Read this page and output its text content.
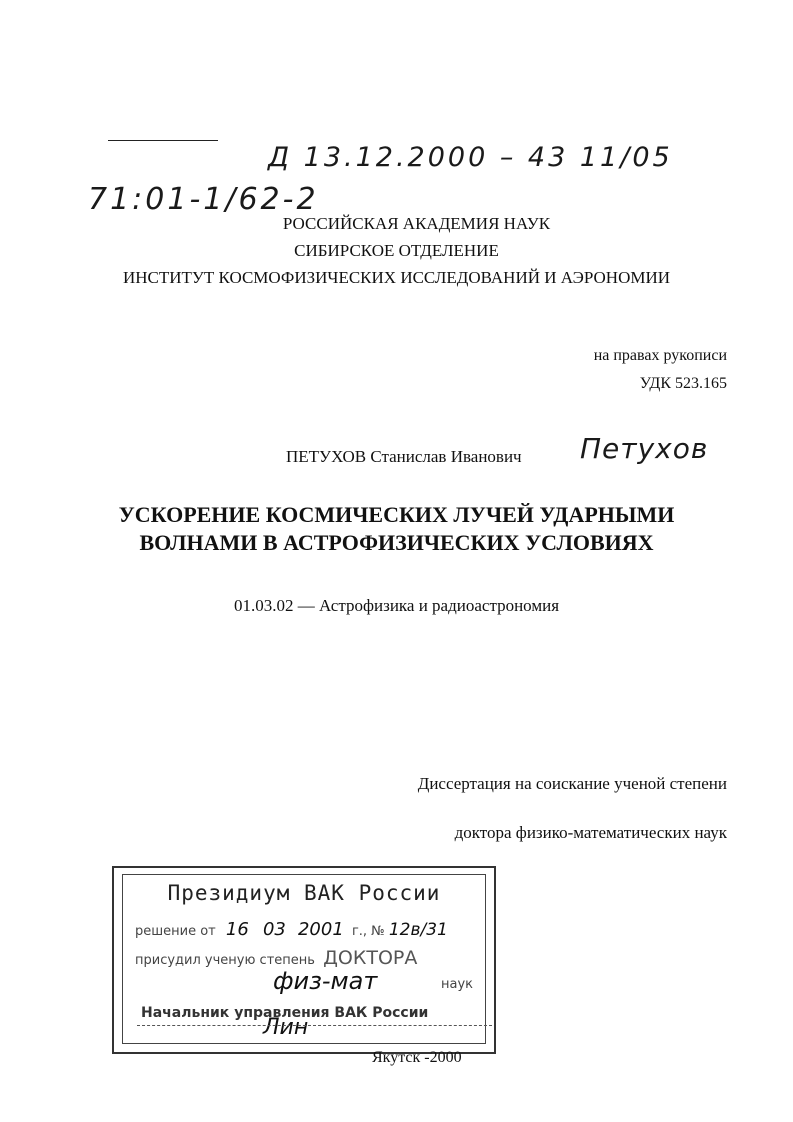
Д 13.12.2000 – 43 11/05
71:01-1/62-2
РОССИЙСКАЯ АКАДЕМИЯ НАУК
СИБИРСКОЕ ОТДЕЛЕНИЕ
ИНСТИТУТ КОСМОФИЗИЧЕСКИХ ИССЛЕДОВАНИЙ И АЭРОНОМИИ
на правах рукописи
УДК 523.165
ПЕТУХОВ Станислав Иванович Петухов
УСКОРЕНИЕ КОСМИЧЕСКИХ ЛУЧЕЙ УДАРНЫМИ
ВОЛНАМИ В АСТРОФИЗИЧЕСКИХ УСЛОВИЯХ
01.03.02 — Астрофизика и радиоастрономия
Диссертация на соискание ученой степени
доктора физико-математических наук
Президиум ВАК России
решение от 16 03 2001 г., № 12в/31
присудил ученую степень ДОКТОРА
физ-мат	наук
Начальник управления ВАК России
Лин
Якутск -2000
